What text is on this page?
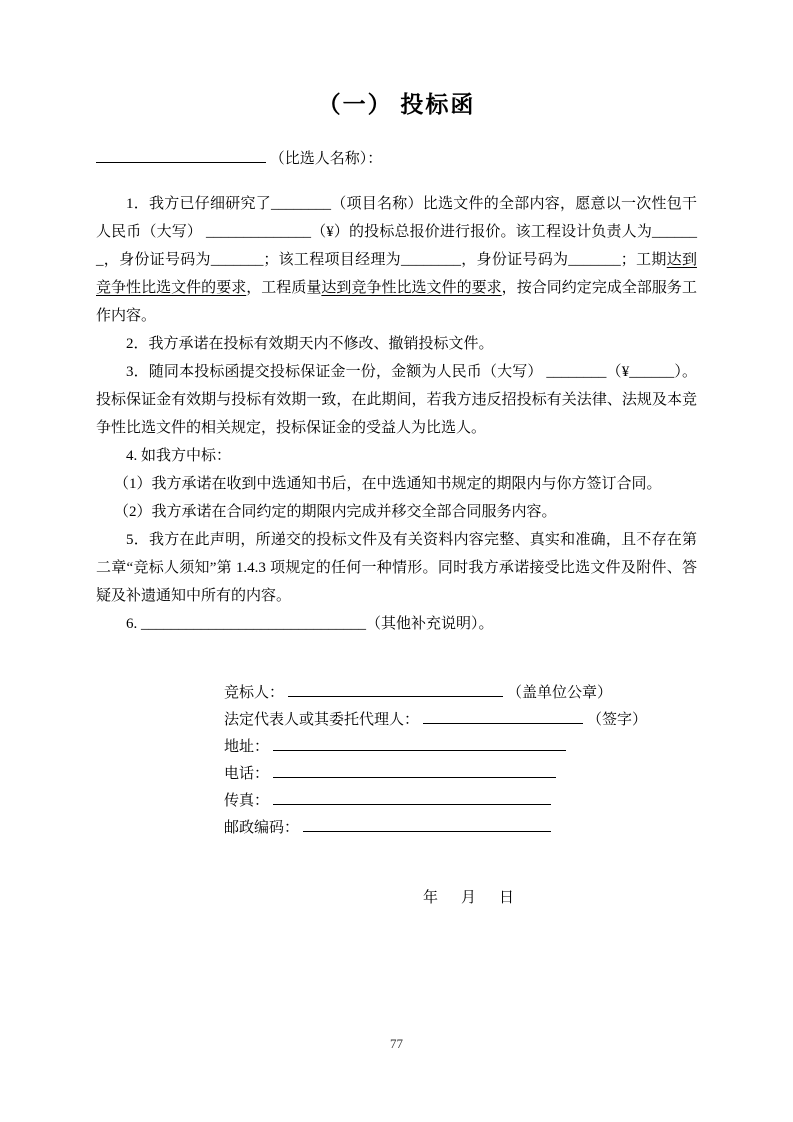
（一） 投标函
（比选人名称）：

1．我方已仔细研究了________（项目名称）比选文件的全部内容，愿意以一次性包干人民币（大写） ______________（¥）的投标总报价进行报价。该工程设计负责人为_______，身份证号码为_______；该工程项目经理为________，身份证号码为_______；工期达到竞争性比选文件的要求，工程质量达到竞争性比选文件的要求，按合同约定完成全部服务工作内容。

2．我方承诺在投标有效期天内不修改、撤销投标文件。

3．随同本投标函提交投标保证金一份，金额为人民币（大写） ________（¥______）。投标保证金有效期与投标有效期一致，在此期间，若我方违反招投标有关法律、法规及本竞争性比选文件的相关规定，投标保证金的受益人为比选人。

4. 如我方中标：

（1）我方承诺在收到中选通知书后，在中选通知书规定的期限内与你方签订合同。

（2）我方承诺在合同约定的期限内完成并移交全部合同服务内容。

5．我方在此声明，所递交的投标文件及有关资料内容完整、真实和准确，且不存在第二章“竞标人须知”第 1.4.3 项规定的任何一种情形。同时我方承诺接受比选文件及附件、答疑及补遗通知中所有的内容。

6. ______________________________（其他补充说明）。

竞标人：	（盖单位公章）
法定代表人或其委托代理人：	（签字）
地址：
电话：
传真：
邮政编码：
年　月　日
77
